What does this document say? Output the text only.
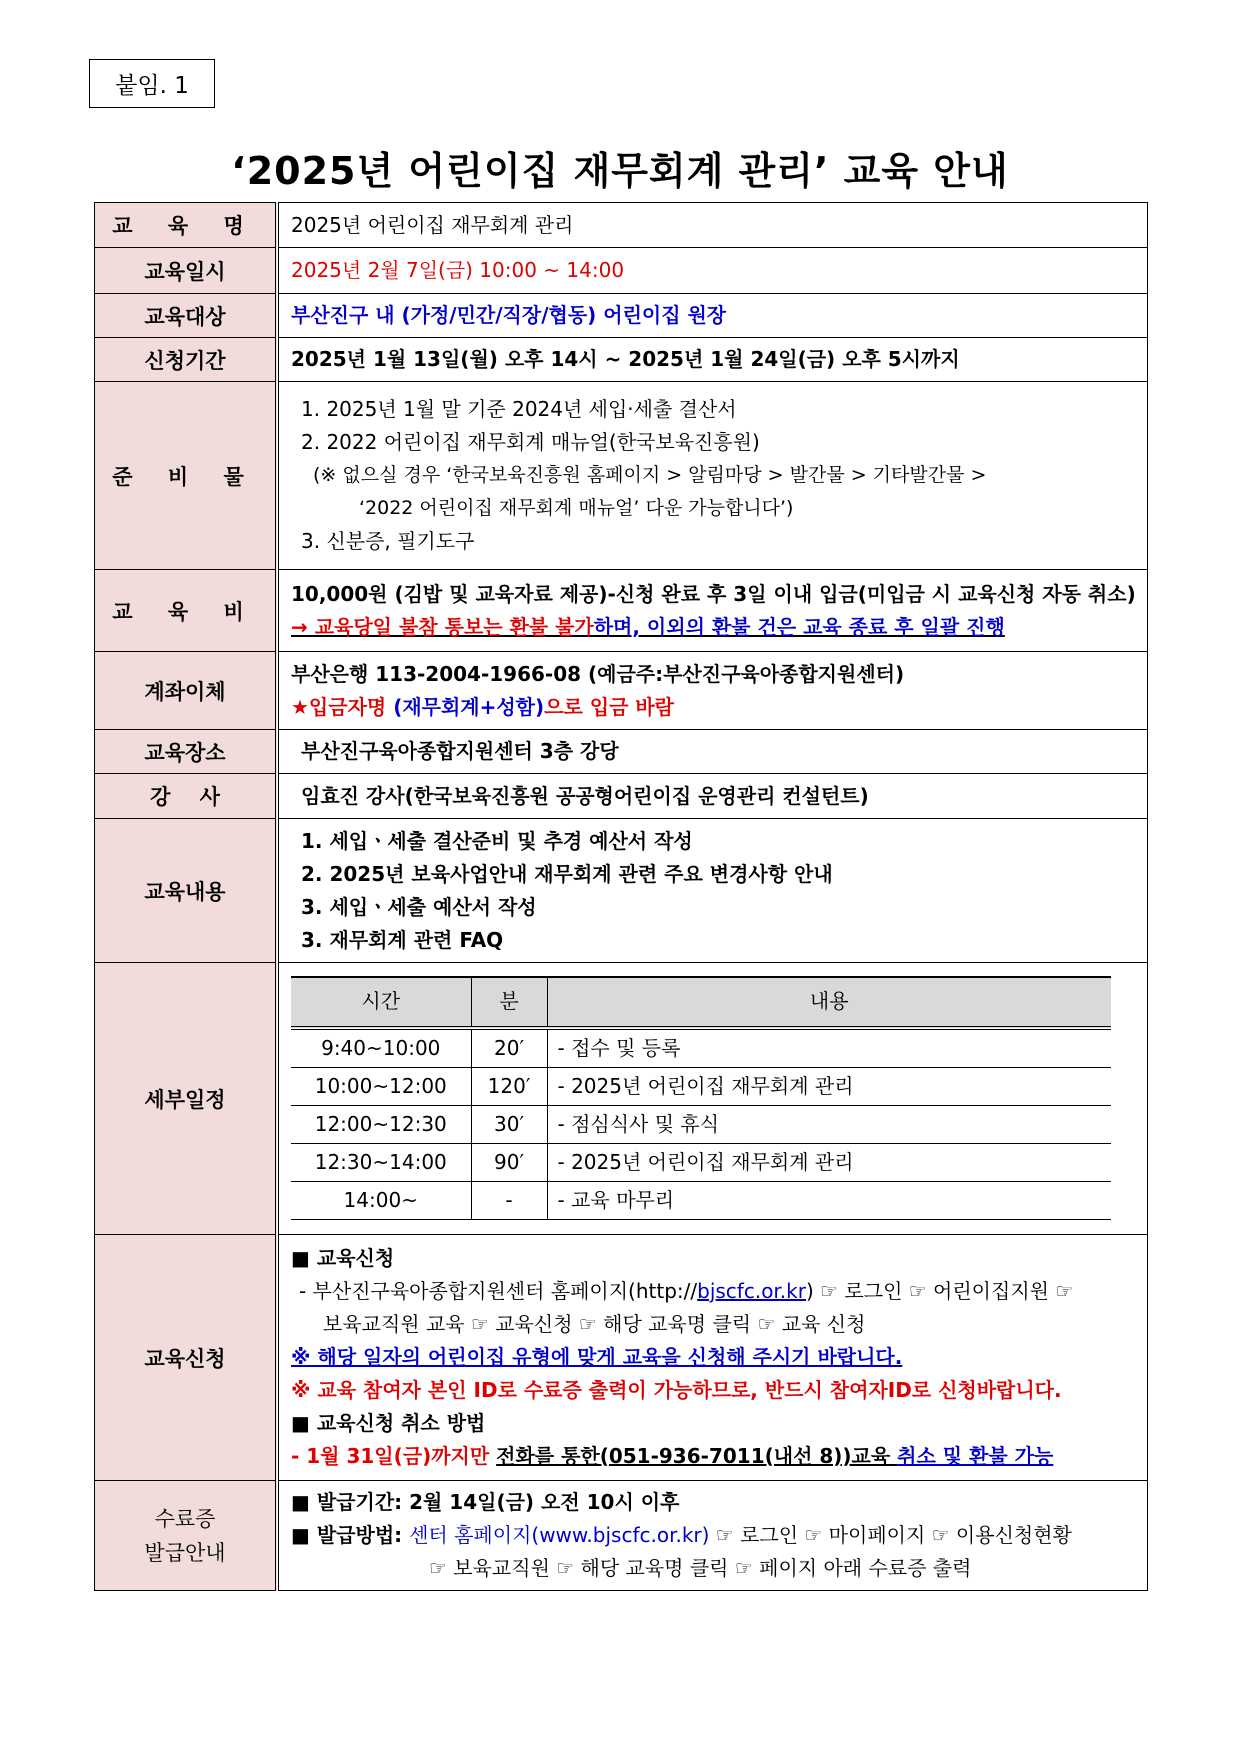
붙임. 1
‘2025년 어린이집 재무회계 관리’ 교육 안내
교 육 명	2025년 어린이집 재무회계 관리
교육일시	2025년 2월 7일(금) 10:00 ~ 14:00
교육대상	부산진구 내 (가정/민간/직장/협동) 어린이집 원장
신청기간	2025년 1월 13일(월) 오후 14시 ~ 2025년 1월 24일(금) 오후 5시까지
준 비 물	
1. 2025년 1월 말 기준 2024년 세입·세출 결산서
2. 2022 어린이집 재무회계 매뉴얼(한국보육진흥원)
(※ 없으실 경우 ‘한국보육진흥원 홈페이지 > 알림마당 > 발간물 > 기타발간물 >
‘2022 어린이집 재무회계 매뉴얼’ 다운 가능합니다’)
3. 신분증, 필기도구

교 육 비	
10,000원 (김밥 및 교육자료 제공)-신청 완료 후 3일 이내 입금(미입금 시 교육신청 자동 취소)
→ 교육당일 불참 통보는 환불 불가하며, 이외의 환불 건은 교육 종료 후 일괄 진행

계좌이체	
부산은행 113-2004-1966-08 (예금주:부산진구육아종합지원센터)
★입금자명 (재무회계+성함)으로 입금 바람

교육장소	부산진구육아종합지원센터 3층 강당
강    사	임효진 강사(한국보육진흥원 공공형어린이집 운영관리 컨설턴트)
교육내용	
1. 세입ㆍ세출 결산준비 및 추경 예산서 작성
2. 2025년 보육사업안내 재무회계 관련 주요 변경사항 안내
3. 세입ㆍ세출 예산서 작성
3. 재무회계 관련 FAQ

세부일정	
시간	분	내용
9:40~10:00	20′	- 접수 및 등록
10:00~12:00	120′	- 2025년 어린이집 재무회계 관리
12:00~12:30	30′	- 점심식사 및 휴식
12:30~14:00	90′	- 2025년 어린이집 재무회계 관리
14:00~	-	- 교육 마무리

교육신청	
■ 교육신청
- 부산진구육아종합지원센터 홈페이지(http://bjscfc.or.kr) ☞ 로그인 ☞ 어린이집지원 ☞
보육교직원 교육 ☞ 교육신청 ☞ 해당 교육명 클릭 ☞ 교육 신청
※ 해당 일자의 어린이집 유형에 맞게 교육을 신청해 주시기 바랍니다.
※ 교육 참여자 본인 ID로 수료증 출력이 가능하므로, 반드시 참여자ID로 신청바랍니다.
■ 교육신청 취소 방법
- 1월 31일(금)까지만 전화를 통한(051-936-7011(내선 8))교육 취소 및 환불 가능

수료증
발급안내

■ 발급기간: 2월 14일(금) 오전 10시 이후
■ 발급방법: 센터 홈페이지(www.bjscfc.or.kr) ☞ 로그인 ☞ 마이페이지 ☞ 이용신청현황
☞ 보육교직원 ☞ 해당 교육명 클릭 ☞ 페이지 아래 수료증 출력
